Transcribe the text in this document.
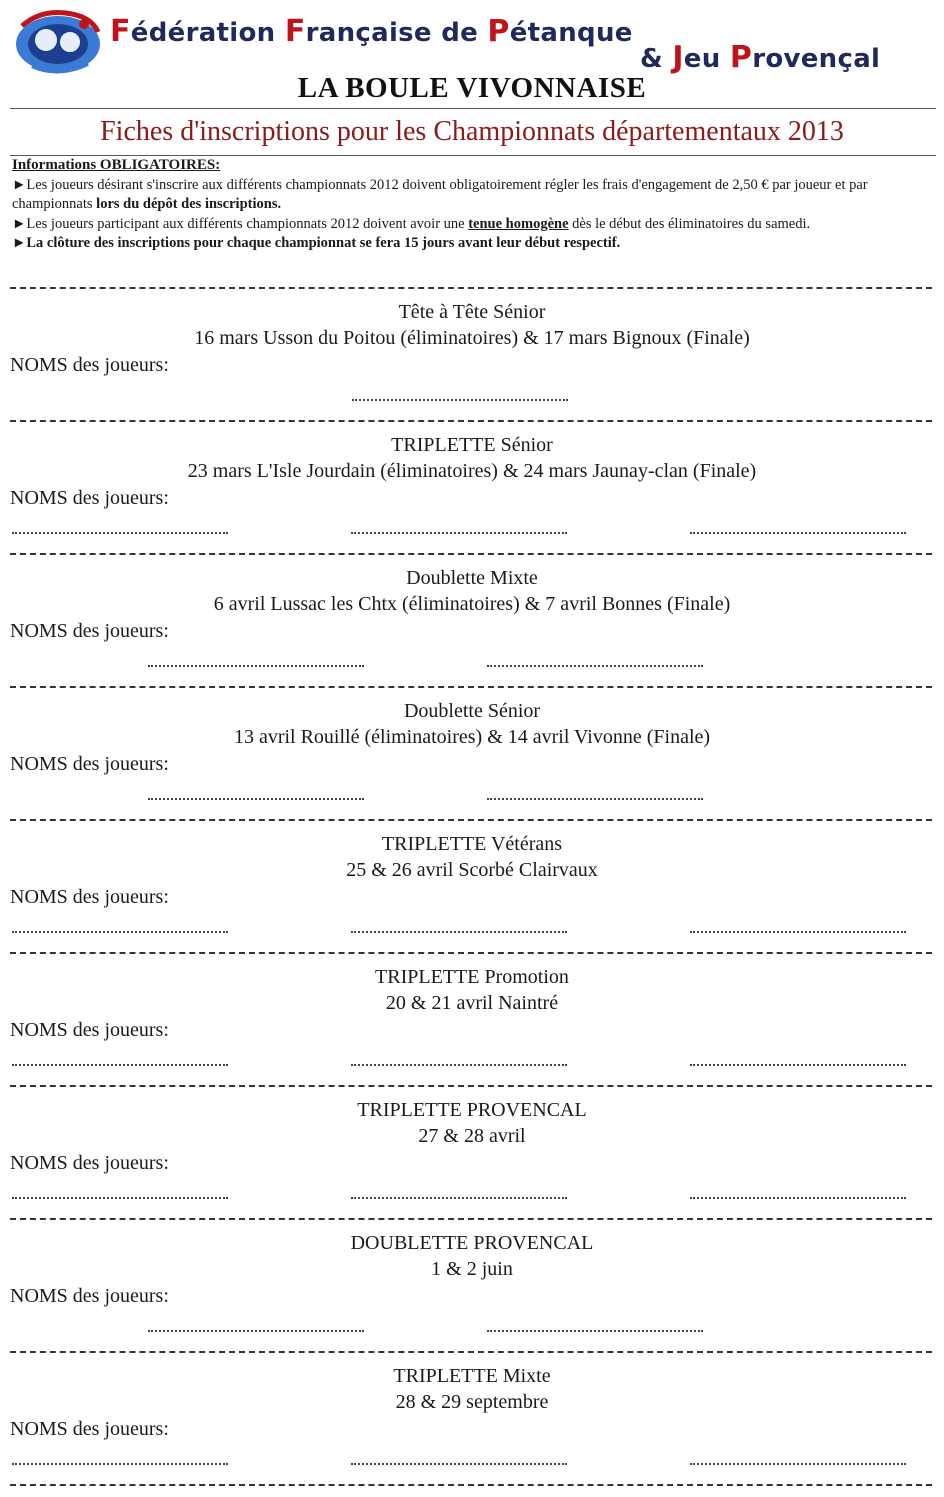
Fédération Française de Pétanque
& Jeu Provençal
LA BOULE VIVONNAISE
Fiches d'inscriptions pour les Championnats départementaux 2013

Informations OBLIGATOIRES:

►Les joueurs désirant s'inscrire aux différents championnats 2012 doivent obligatoirement régler les frais d'engagement de 2,50 € par joueur et par championnats lors du dépôt des inscriptions.

►Les joueurs participant aux différents championnats 2012 doivent avoir une tenue homogène dès le début des éliminatoires du samedi.

►La clôture des inscriptions pour chaque championnat se fera 15 jours avant leur début respectif.

Tête à Tête Sénior
16 mars Usson du Poitou (éliminatoires) & 17 mars Bignoux (Finale)
NOMS des joueurs:
TRIPLETTE Sénior
23 mars L'Isle Jourdain (éliminatoires) & 24 mars Jaunay-clan (Finale)
NOMS des joueurs:
Doublette Mixte
6 avril Lussac les Chtx (éliminatoires) & 7 avril Bonnes (Finale)
NOMS des joueurs:
Doublette Sénior
13 avril Rouillé (éliminatoires) & 14 avril Vivonne (Finale)
NOMS des joueurs:
TRIPLETTE Vétérans
25 & 26 avril Scorbé Clairvaux
NOMS des joueurs:
TRIPLETTE Promotion
20 & 21 avril Naintré
NOMS des joueurs:
TRIPLETTE PROVENCAL
27 & 28 avril
NOMS des joueurs:
DOUBLETTE PROVENCAL
1 & 2 juin
NOMS des joueurs:
TRIPLETTE Mixte
28 & 29 septembre
NOMS des joueurs:
